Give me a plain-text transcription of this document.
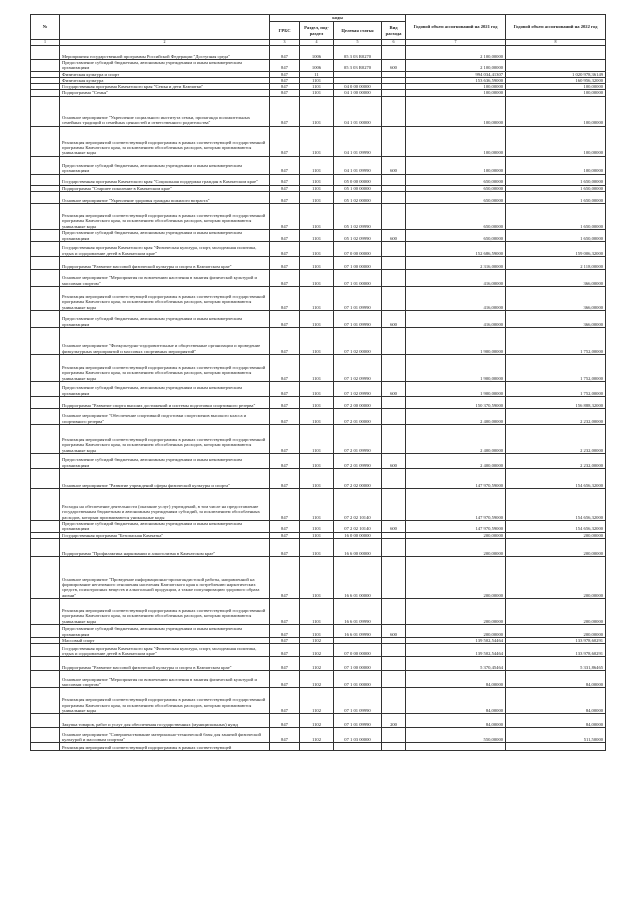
№		коды				Годовой объем ассигнований на 2021 год	Годовой объем ассигнований на 2022 год
		ГРБС	Раздел, под-раздел	Целевая статья	Вид расхода		
1	2	3	4	5	6	7	8
	Мероприятия государственной программы Российской Федерации "Доступная среда"	847	1006	05 3 03 R0270		2 100,00000	
	Предоставление субсидий бюджетным, автономным учреждениям и иным некоммерческим организациям	847	1006	05 3 03 R0270	600	2 100,00000	
	Физическая культура и спорт	847	11			994 034,41307	1 020 978,36149
	Физическая культура	847	1101			153 636,59000	160 956,32000
	Государственная программа Камчатского края "Семья и дети Камчатки"	847	1101	04 0 00 00000		100,00000	100,00000
	Подпрограмма "Семья"	847	1101	04 1 00 00000		100,00000	100,00000
	Основное мероприятие "Укрепление социального института семьи, пропаганда положительных семейных традиций и семейных ценностей и ответственного родительства"	847	1101	04 1 01 00000		100,00000	100,00000
	Реализация мероприятий соответствующей подпрограммы в рамках соответствующей государственной программы Камчатского края, за исключением обособленных расходов, которым присваиваются уникальные коды	847	1101	04 1 01 09990		100,00000	100,00000
	Предоставление субсидий бюджетным, автономным учреждениям и иным некоммерческим организациям	847	1101	04 1 01 09990	600	100,00000	100,00000
	Государственная программа Камчатского края "Социальная поддержка граждан в Камчатском крае"	847	1101	05 0 00 00000		650,00000	1 650,00000
	Подпрограмма "Старшее поколение в Камчатском крае"	847	1101	05 1 00 00000		650,00000	1 650,00000
	Основное мероприятие "Укрепление здоровья граждан пожилого возраста"	847	1101	05 1 02 00000		650,00000	1 650,00000
	Реализация мероприятий соответствующей подпрограммы в рамках соответствующей государственной программы Камчатского края, за исключением обособленных расходов, которым присваиваются уникальные коды	847	1101	05 1 02 09990		650,00000	1 650,00000
	Предоставление субсидий бюджетным, автономным учреждениям и иным некоммерческим организациям	847	1101	05 1 02 09990	600	650,00000	1 650,00000
	Государственная программа Камчатского края "Физическая культура, спорт, молодежная политика, отдых и оздоровление детей в Камчатском крае"	847	1101	07 0 00 00000		152 686,59000	159 006,32000
	Подпрограмма "Развитие массовой физической культуры и спорта в Камчатском крае"	847	1101	07 1 00 00000		2 316,00000	2 118,00000
	Основное мероприятие "Мероприятия по вовлечению населения в занятия физической культурой и массовым спортом"	847	1101	07 1 01 00000		416,00000	366,00000
	Реализация мероприятий соответствующей подпрограммы в рамках соответствующей государственной программы Камчатского края, за исключением обособленных расходов, которым присваиваются уникальные коды	847	1101	07 1 01 09990		416,00000	366,00000
	Предоставление субсидий бюджетным, автономным учреждениям и иным некоммерческим организациям	847	1101	07 1 01 09990	600	416,00000	366,00000
	Основное мероприятие "Физкультурно-оздоровительные и общественные организации и проведение физкультурных мероприятий и массовых спортивных мероприятий"	847	1101	07 1 02 00000		1 900,00000	1 752,00000
	Реализация мероприятий соответствующей подпрограммы в рамках соответствующей государственной программы Камчатского края, за исключением обособленных расходов, которым присваиваются уникальные коды	847	1101	07 1 02 09990		1 900,00000	1 752,00000
	Предоставление субсидий бюджетным, автономным учреждениям и иным некоммерческим организациям	847	1101	07 1 02 09990	600	1 900,00000	1 752,00000
	Подпрограмма "Развитие спорта высших достижений и системы подготовки спортивного резерва"	847	1101	07 2 00 00000		150 370,59000	156 888,32000
	Основное мероприятие "Обеспечение спортивной подготовки спортсменов высокого класса и спортивного резерва"	847	1101	07 2 01 00000		2 400,00000	2 232,00000
	Реализация мероприятий соответствующей подпрограммы в рамках соответствующей государственной программы Камчатского края, за исключением обособленных расходов, которым присваиваются уникальные коды	847	1101	07 2 01 09990		2 400,00000	2 232,00000
	Предоставление субсидий бюджетным, автономным учреждениям и иным некоммерческим организациям	847	1101	07 2 01 09990	600	2 400,00000	2 232,00000
	Основное мероприятие "Развитие учреждений сферы физической культуры и спорта"	847	1101	07 2 02 00000		147 970,59000	154 656,32000
	Расходы на обеспечение деятельности (оказание услуг) учреждений, в том числе на предоставление государственным бюджетным и автономным учреждениям субсидий, за исключением обособленных расходов, которым присваиваются уникальные коды	847	1101	07 2 02 10140		147 970,59000	154 656,32000
	Предоставление субсидий бюджетным, автономным учреждениям и иным некоммерческим организациям	847	1101	07 2 02 10140	600	147 970,59000	154 656,32000
	Государственная программа "Безопасная Камчатка"	847	1101	16 0 00 00000		200,00000	200,00000
	Подпрограмма "Профилактика наркомании и алкоголизма в Камчатском крае"	847	1101	16 6 00 00000		200,00000	200,00000
	Основное мероприятие "Проведение информационно-пропагандистской работы, направленной на формирование негативного отношения населения Камчатского края к потреблению наркотических средств, психотропных веществ и алкогольной продукции, а также популяризацию здорового образа жизни"	847	1101	16 6 01 00000		200,00000	200,00000
	Реализация мероприятий соответствующей подпрограммы в рамках соответствующей государственной программы Камчатского края, за исключением обособленных расходов, которым присваиваются уникальные коды	847	1101	16 6 01 09990		200,00000	200,00000
	Предоставление субсидий бюджетным, автономным учреждениям и иным некоммерческим организациям	847	1101	16 6 01 09990	600	200,00000	200,00000
	Массовый спорт	847	1102			139 502,54464	133 978,60291
	Государственная программа Камчатского края "Физическая культура, спорт, молодежная политика, отдых и оздоровление детей в Камчатском крае"	847	1102	07 0 00 00000		139 502,54464	133 978,60291
	Подпрограмма "Развитие массовой физической культуры и спорта в Камчатском крае"	847	1102	07 1 00 00000		5 370,45464	5 331,86465
	Основное мероприятие "Мероприятия по вовлечению населения в занятия физической культурой и массовым спортом"	847	1102	07 1 01 00000		84,00000	84,00000
	Реализация мероприятий соответствующей подпрограммы в рамках соответствующей государственной программы Камчатского края, за исключением обособленных расходов, которым присваиваются уникальные коды	847	1102	07 1 01 09990		84,00000	84,00000
	Закупка товаров, работ и услуг для обеспечения государственных (муниципальных) нужд	847	1102	07 1 01 09990	200	84,00000	84,00000
	Основное мероприятие "Совершенствование материально-технической базы для занятий физической культурой и массовым спортом"	847	1102	07 1 03 00000		550,00000	511,50000
	Реализация мероприятий соответствующей подпрограммы в рамках соответствующей						
